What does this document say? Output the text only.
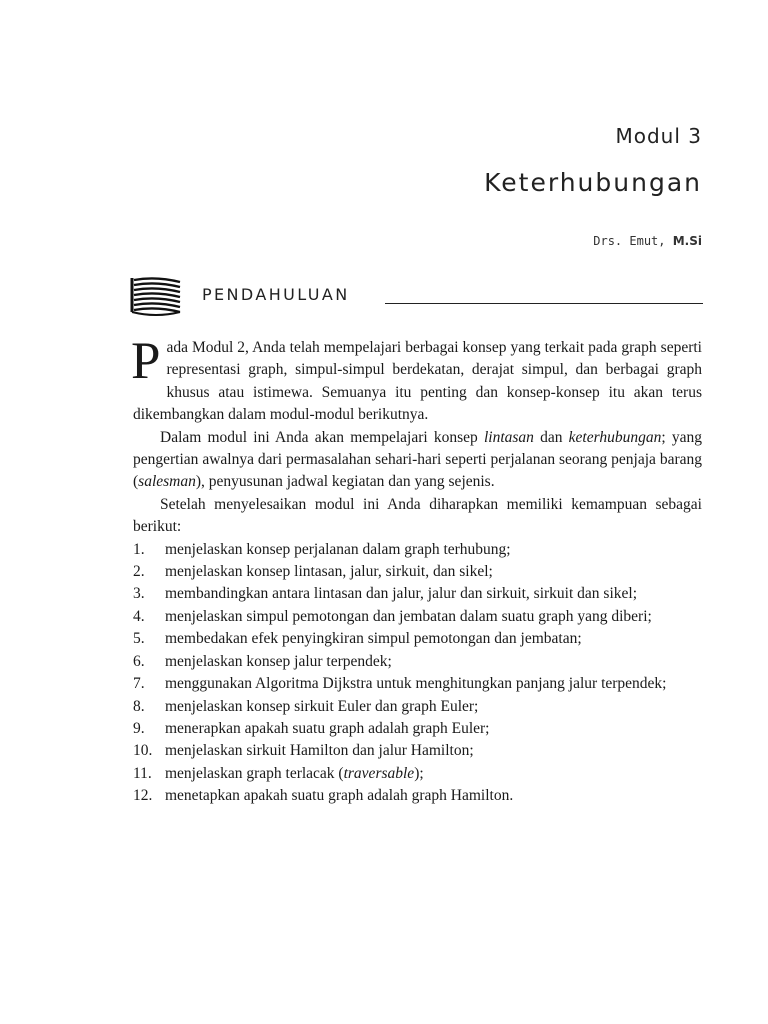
Modul 3
Keterhubungan
Drs. Emut, M.Si
PENDAHULUAN

Pada Modul 2, Anda telah mempelajari berbagai konsep yang terkait pada graph seperti representasi graph, simpul-simpul berdekatan, derajat simpul, dan berbagai graph khusus atau istimewa. Semuanya itu penting dan konsep-konsep itu akan terus dikembangkan dalam modul-modul berikutnya.

Dalam modul ini Anda akan mempelajari konsep lintasan dan keterhubungan; yang pengertian awalnya dari permasalahan sehari-hari seperti perjalanan seorang penjaja barang (salesman), penyusunan jadwal kegiatan dan yang sejenis.

Setelah menyelesaikan modul ini Anda diharapkan memiliki kemampuan sebagai berikut:

1.	menjelaskan konsep perjalanan dalam graph terhubung;
2.	menjelaskan konsep lintasan, jalur, sirkuit, dan sikel;
3.	membandingkan antara lintasan dan jalur, jalur dan sirkuit, sirkuit dan sikel;
4.	menjelaskan simpul pemotongan dan jembatan dalam suatu graph yang diberi;
5.	membedakan efek penyingkiran simpul pemotongan dan jembatan;
6.	menjelaskan konsep jalur terpendek;
7.	menggunakan Algoritma Dijkstra untuk menghitungkan panjang jalur terpendek;
8.	menjelaskan konsep sirkuit Euler dan graph Euler;
9.	menerapkan apakah suatu graph adalah graph Euler;
10. menjelaskan sirkuit Hamilton dan jalur Hamilton;
11. menjelaskan graph terlacak (traversable);
12. menetapkan apakah suatu graph adalah graph Hamilton.
